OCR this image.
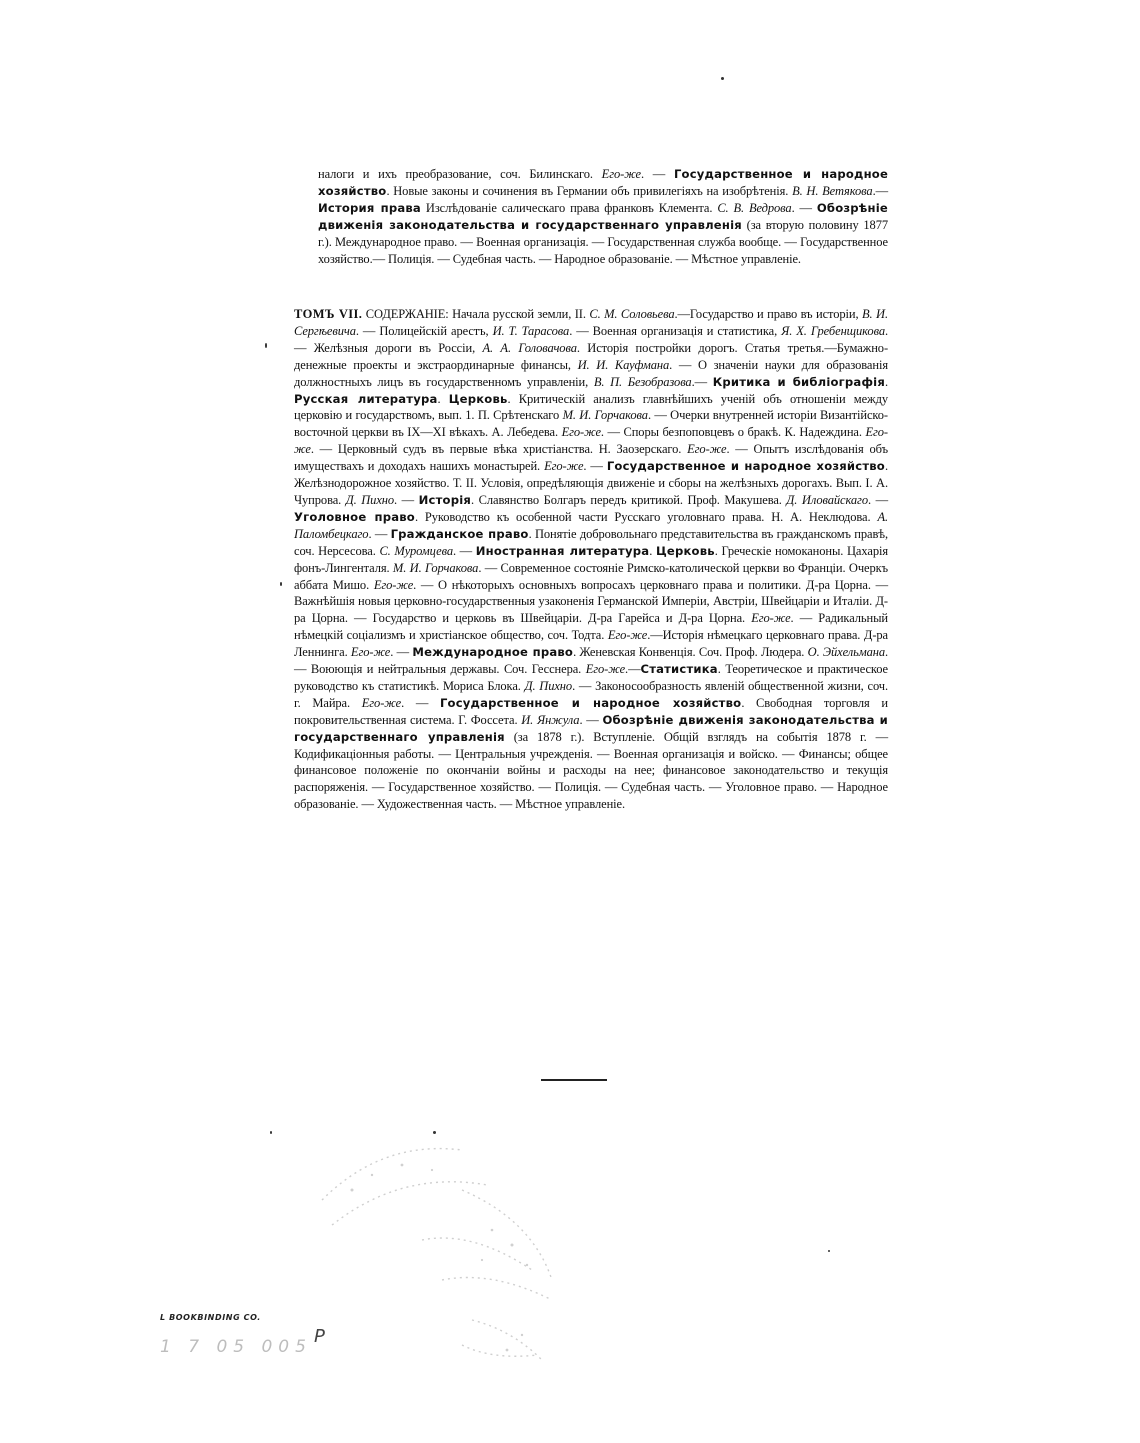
налоги и ихъ преобразование, соч. Билинскаго. Его-же. — Государственное и народное хозяйство. Новые законы и сочинения въ Германии объ привилегіяхъ на изобрѣтенія. В. Н. Ветякова.— История права Изслѣдованіе салическаго права франковъ Клемента. С. В. Ведрова. — Обозрѣніе движенія законодательства и государственнаго управленія (за вторую половину 1877 г.). Международное право. — Военная организація. — Государственная служба вообще. — Государственное хозяйство.— Полиція. — Судебная часть. — Народное образованіе. — Мѣстное управленіе.
ТОМЪ VII. СОДЕРЖАНІЕ: Начала русской земли, II. С. М. Соловьева.—Государство и право въ исторіи, В. И. Сергѣевича. — Полицейскій арестъ, И. Т. Тарасова. — Военная организація и статистика, Я. Х. Гребенщикова. — Желѣзныя дороги въ Россіи, А. А. Головачова. Исторія постройки дорогъ. Статья третья.—Бумажно-денежные проекты и экстраординарные финансы, И. И. Кауфмана. — О значеніи науки для образованія должностныхъ лицъ въ государственномъ управленіи, В. П. Безобразова.— Критика и библіографія. Русская литература. Церковь. Критическій анализъ главнѣйшихъ ученій объ отношеніи между церковію и государствомъ, вып. 1. П. Срѣтенскаго М. И. Горчакова. — Очерки внутренней исторіи Византійско-восточной церкви въ IX—XI вѣкахъ. А. Лебедева. Его-же. — Споры безпоповцевъ о бракѣ. К. Надеждина. Его-же. — Церковный судъ въ первые вѣка христіанства. Н. Заозерскаго. Его-же. — Опытъ изслѣдованія объ имуществахъ и доходахъ нашихъ монастырей. Его-же. — Государственное и народное хозяйство. Желѣзнодорожное хозяйство. Т. II. Условія, опредѣляющія движеніе и сборы на желѣзныхъ дорогахъ. Вып. I. А. Чупрова. Д. Пихно. — Исторія. Славянство Болгаръ передъ критикой. Проф. Макушева. Д. Иловайскаго. — Уголовное право. Руководство къ особенной части Русскаго уголовнаго права. Н. А. Неклюдова. А. Паломбецкаго. — Гражданское право. Понятіе добровольнаго представительства въ гражданскомъ правѣ, соч. Нерсесова. С. Муромцева. — Иностранная литература. Церковь. Греческіе номоканоны. Цахарія фонъ-Лингенталя. М. И. Горчакова. — Современное состояніе Римско-католической церкви во Франціи. Очеркъ аббата Мишо. Его-же. — О нѣкоторыхъ основныхъ вопросахъ церковнаго права и политики. Д-ра Цорна. — Важнѣйшія новыя церковно-государственныя узаконенія Германской Имперіи, Австріи, Швейцаріи и Италіи. Д-ра Цорна. — Государство и церковь въ Швейцаріи. Д-ра Гарейса и Д-ра Цорна. Его-же. — Радикальный нѣмецкій соціализмъ и христіанское общество, соч. Тодта. Его-же.—Исторія нѣмецкаго церковнаго права. Д-ра Леннинга. Его-же. — Международное право. Женевская Конвенція. Соч. Проф. Людера. О. Эйхельмана. — Воюющія и нейтральныя державы. Соч. Гесснера. Его-же.—Статистика. Теоретическое и практическое руководство къ статистикѣ. Мориса Блока. Д. Пихно. — Законосообразность явленій общественной жизни, соч. г. Майра. Его-же. — Государственное и народное хозяйство. Свободная торговля и покровительственная система. Г. Фоссета. И. Янжула. — Обозрѣніе движенія законодательства и государственнаго управленія (за 1878 г.). Вступленіе. Общій взглядъ на событія 1878 г. — Кодификаціонныя работы. — Центральныя учрежденія. — Военная организація и войско. — Финансы; общее финансовое положеніе по окончаніи войны и расходы на нее; финансовое законодательство и текущія распоряженія. — Государственное хозяйство. — Полиція. — Судебная часть. — Уголовное право. — Народное образованіе. — Художественная часть. — Мѣстное управленіе.
L BOOKBINDING CO.
1 7 05 005 P
